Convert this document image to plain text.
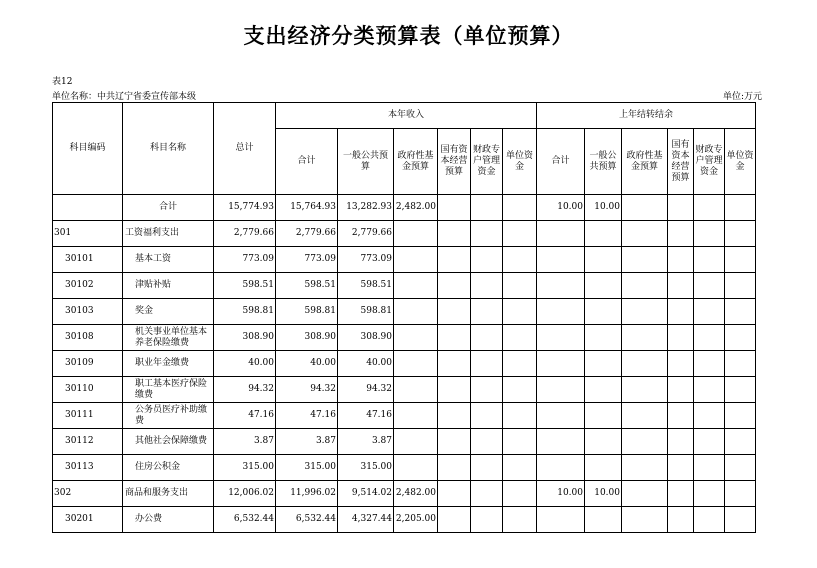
支出经济分类预算表（单位预算）
表12
单位名称：中共辽宁省委宣传部本级	单位:万元
科目编码	科目名称	总计	本年收入						上年结转结余					
			合计	一般公共预算	政府性基金预算	国有资本经营预算	财政专户管理资金	单位资金	合计	一般公共预算	政府性基金预算	国有资本经营预算	财政专户管理资金	单位资金
	合计	15,774.93	15,764.93	13,282.93	2,482.00				10.00	10.00				
301	工资福利支出	2,779.66	2,779.66	2,779.66										
30101	基本工资	773.09	773.09	773.09										
30102	津贴补贴	598.51	598.51	598.51										
30103	奖金	598.81	598.81	598.81										
30108	机关事业单位基本养老保险缴费	308.90	308.90	308.90										
30109	职业年金缴费	40.00	40.00	40.00										
30110	职工基本医疗保险缴费	94.32	94.32	94.32										
30111	公务员医疗补助缴费	47.16	47.16	47.16										
30112	其他社会保障缴费	3.87	3.87	3.87										
30113	住房公积金	315.00	315.00	315.00										
302	商品和服务支出	12,006.02	11,996.02	9,514.02	2,482.00				10.00	10.00				
30201	办公费	6,532.44	6,532.44	4,327.44	2,205.00									
